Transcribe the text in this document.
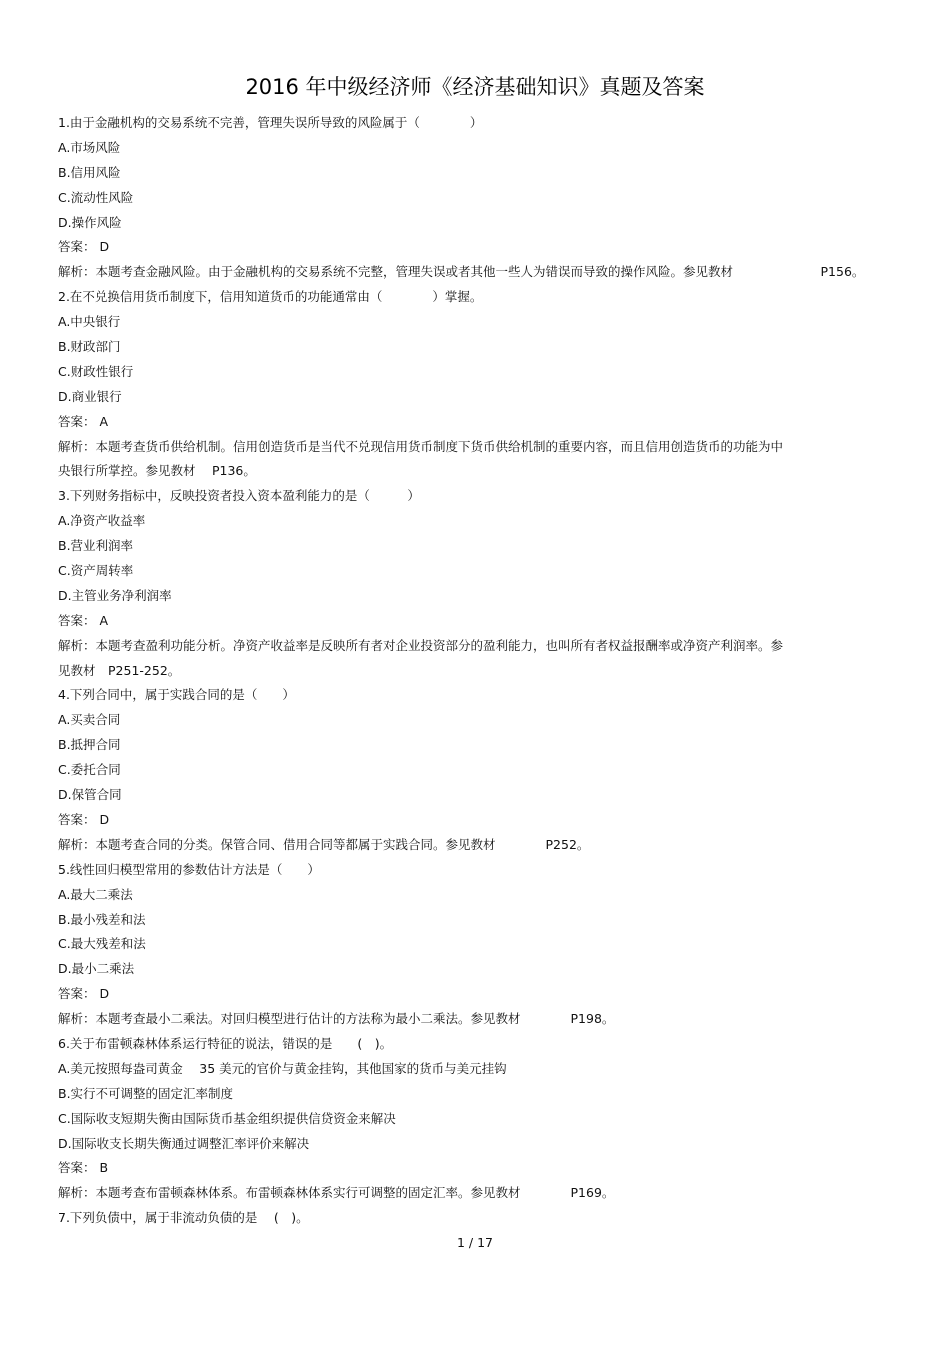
2016 年中级经济师《经济基础知识》真题及答案
1.由于金融机构的交易系统不完善，管理失误所导致的风险属于（　　　　）
A.市场风险
B.信用风险
C.流动性风险
D.操作风险
答案： D
解析：本题考查金融风险。由于金融机构的交易系统不完整，管理失误或者其他一些人为错误而导致的操作风险。参见教材　　　　　　　P156。
2.在不兑换信用货币制度下，信用知道货币的功能通常由（　　　　）掌握。
A.中央银行
B.财政部门
C.财政性银行
D.商业银行
答案： A
解析：本题考查货币供给机制。信用创造货币是当代不兑现信用货币制度下货币供给机制的重要内容，而且信用创造货币的功能为中
央银行所掌控。参见教材　 P136。
3.下列财务指标中，反映投资者投入资本盈利能力的是（　　　）
A.净资产收益率
B.营业利润率
C.资产周转率
D.主管业务净利润率
答案： A
解析：本题考查盈利功能分析。净资产收益率是反映所有者对企业投资部分的盈利能力，也叫所有者权益报酬率或净资产利润率。参
见教材　P251-252。
4.下列合同中，属于实践合同的是（　　）
A.买卖合同
B.抵押合同
C.委托合同
D.保管合同
答案： D
解析：本题考查合同的分类。保管合同、借用合同等都属于实践合同。参见教材　　　　P252。
5.线性回归模型常用的参数估计方法是（　　）
A.最大二乘法
B.最小残差和法
C.最大残差和法
D.最小二乘法
答案： D
解析：本题考查最小二乘法。对回归模型进行估计的方法称为最小二乘法。参见教材　　　　P198。
6.关于布雷顿森林体系运行特征的说法，错误的是　　(　)。
A.美元按照每盎司黄金　 35 美元的官价与黄金挂钩，其他国家的货币与美元挂钩
B.实行不可调整的固定汇率制度
C.国际收支短期失衡由国际货币基金组织提供信贷资金来解决
D.国际收支长期失衡通过调整汇率评价来解决
答案： B
解析：本题考查布雷顿森林体系。布雷顿森林体系实行可调整的固定汇率。参见教材　　　　P169。
7.下列负债中，属于非流动负债的是　 (　)。
1 / 17
